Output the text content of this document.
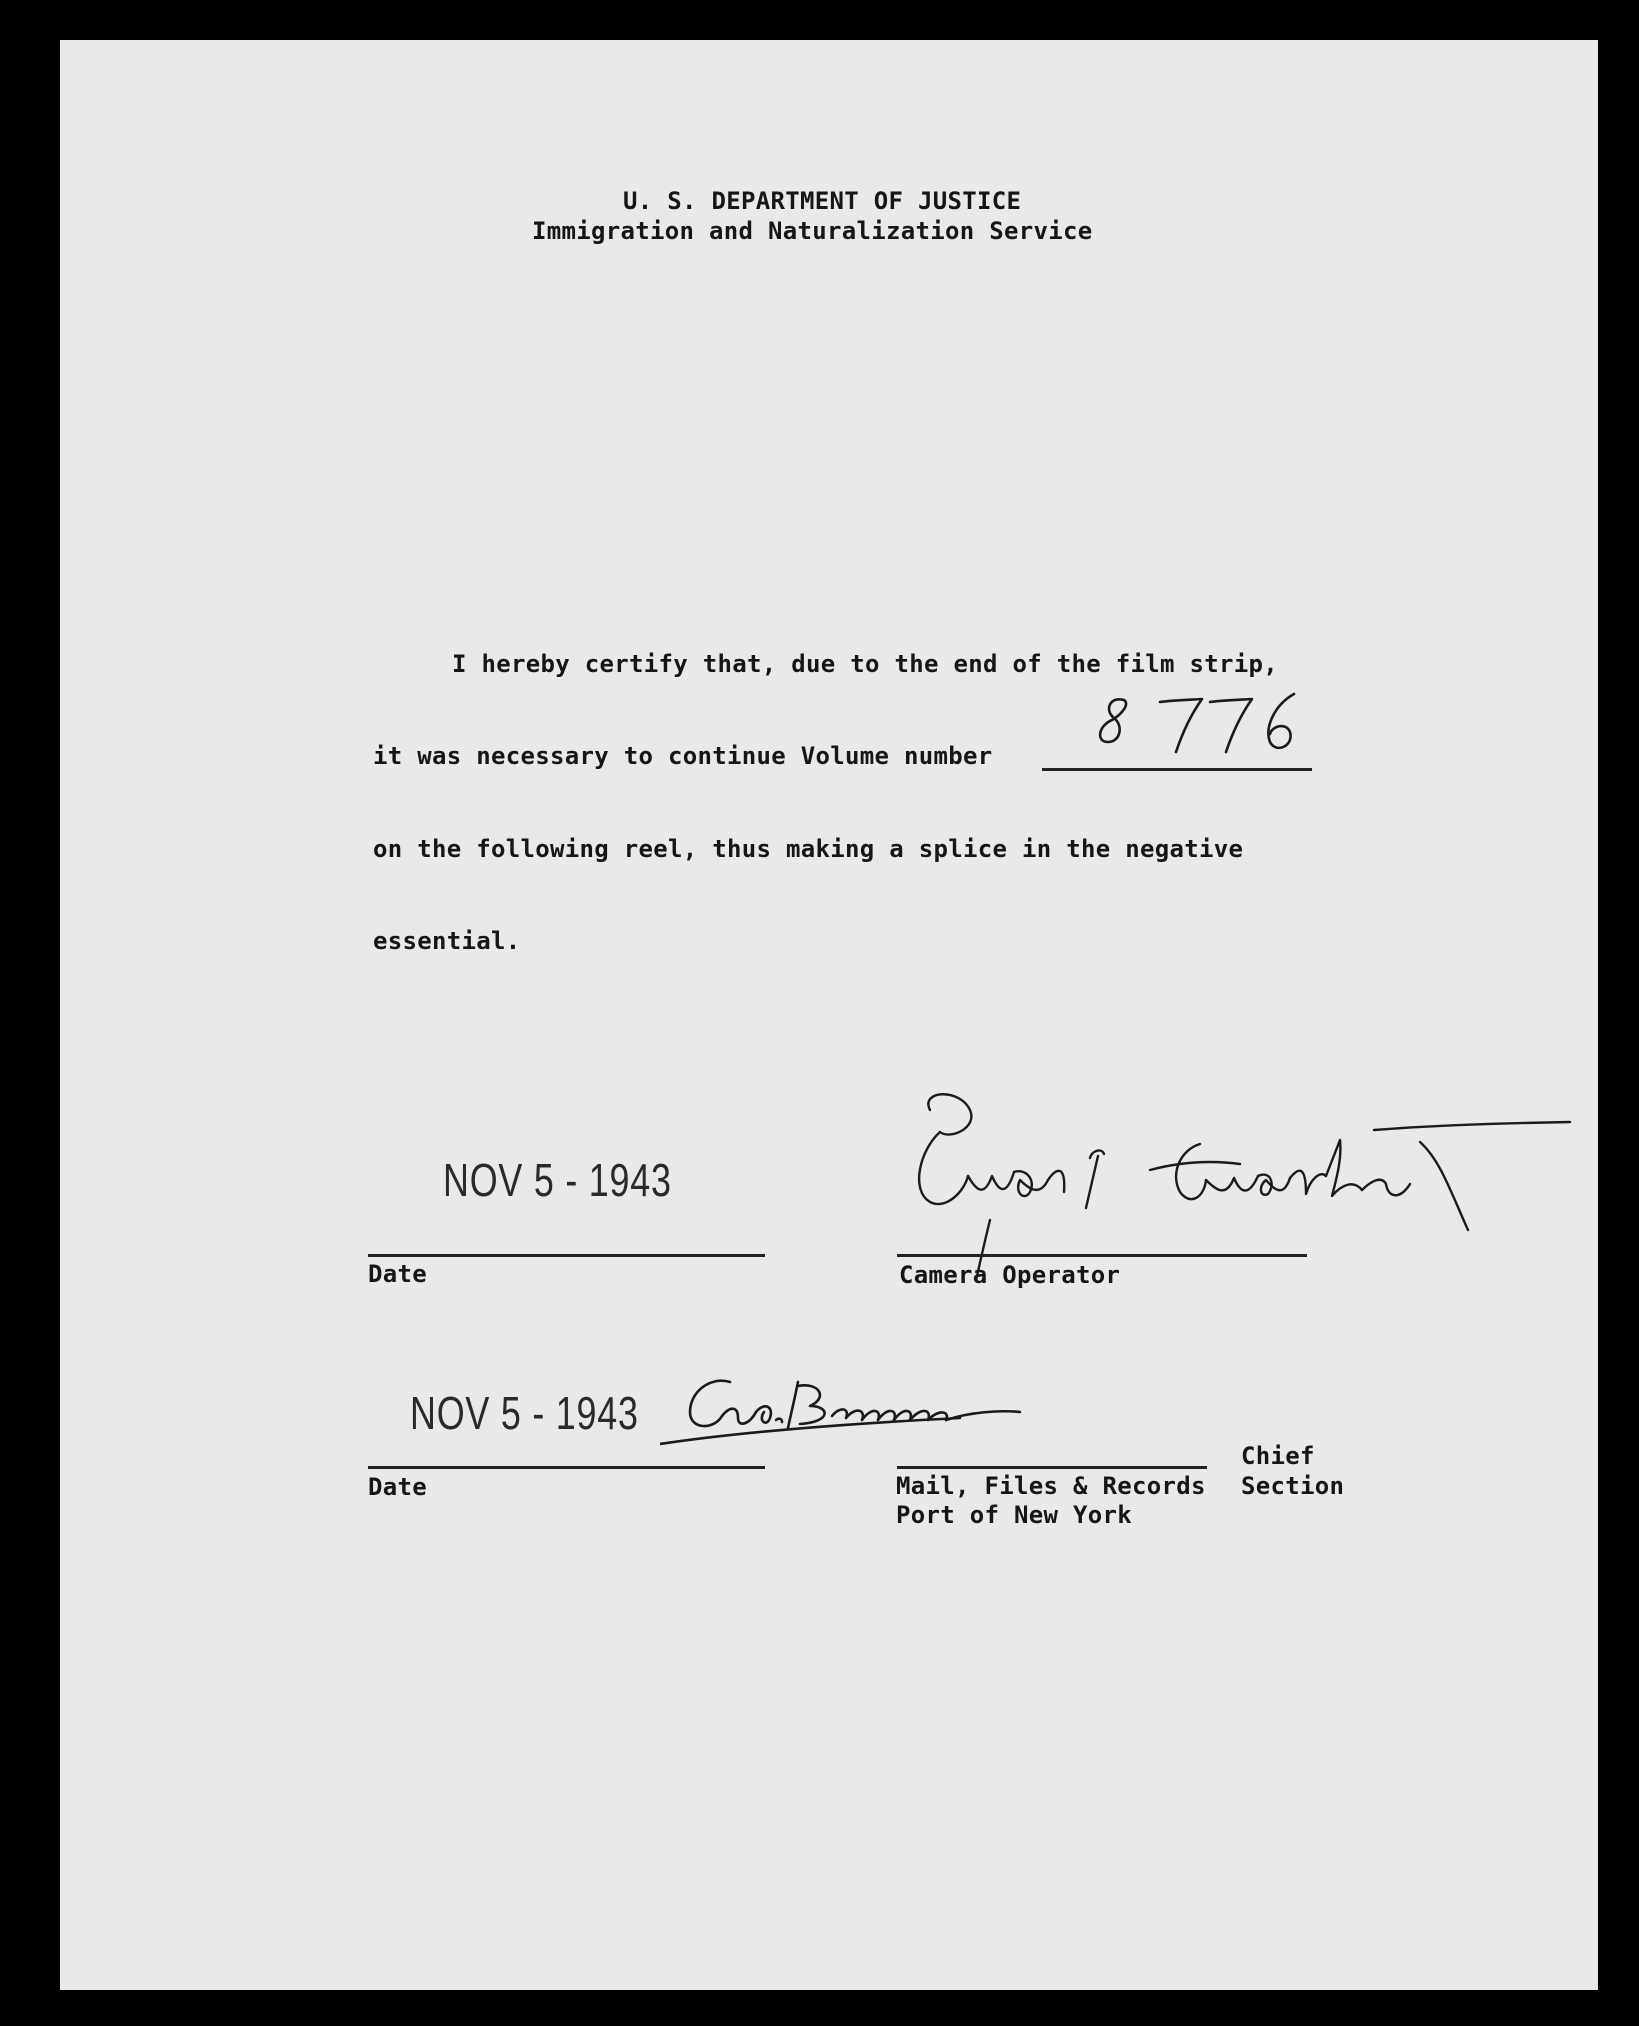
U. S. DEPARTMENT OF JUSTICE
Immigration and Naturalization Service
I hereby certify that, due to the end of the film strip,
it was necessary to continue Volume number
on the following reel, thus making a splice in the negative
essential.
NOV 5 - 1943
Date	Camera Operator
NOV 5 - 1943
Date
Chief
Mail, Files & Records Section
Port of New York
